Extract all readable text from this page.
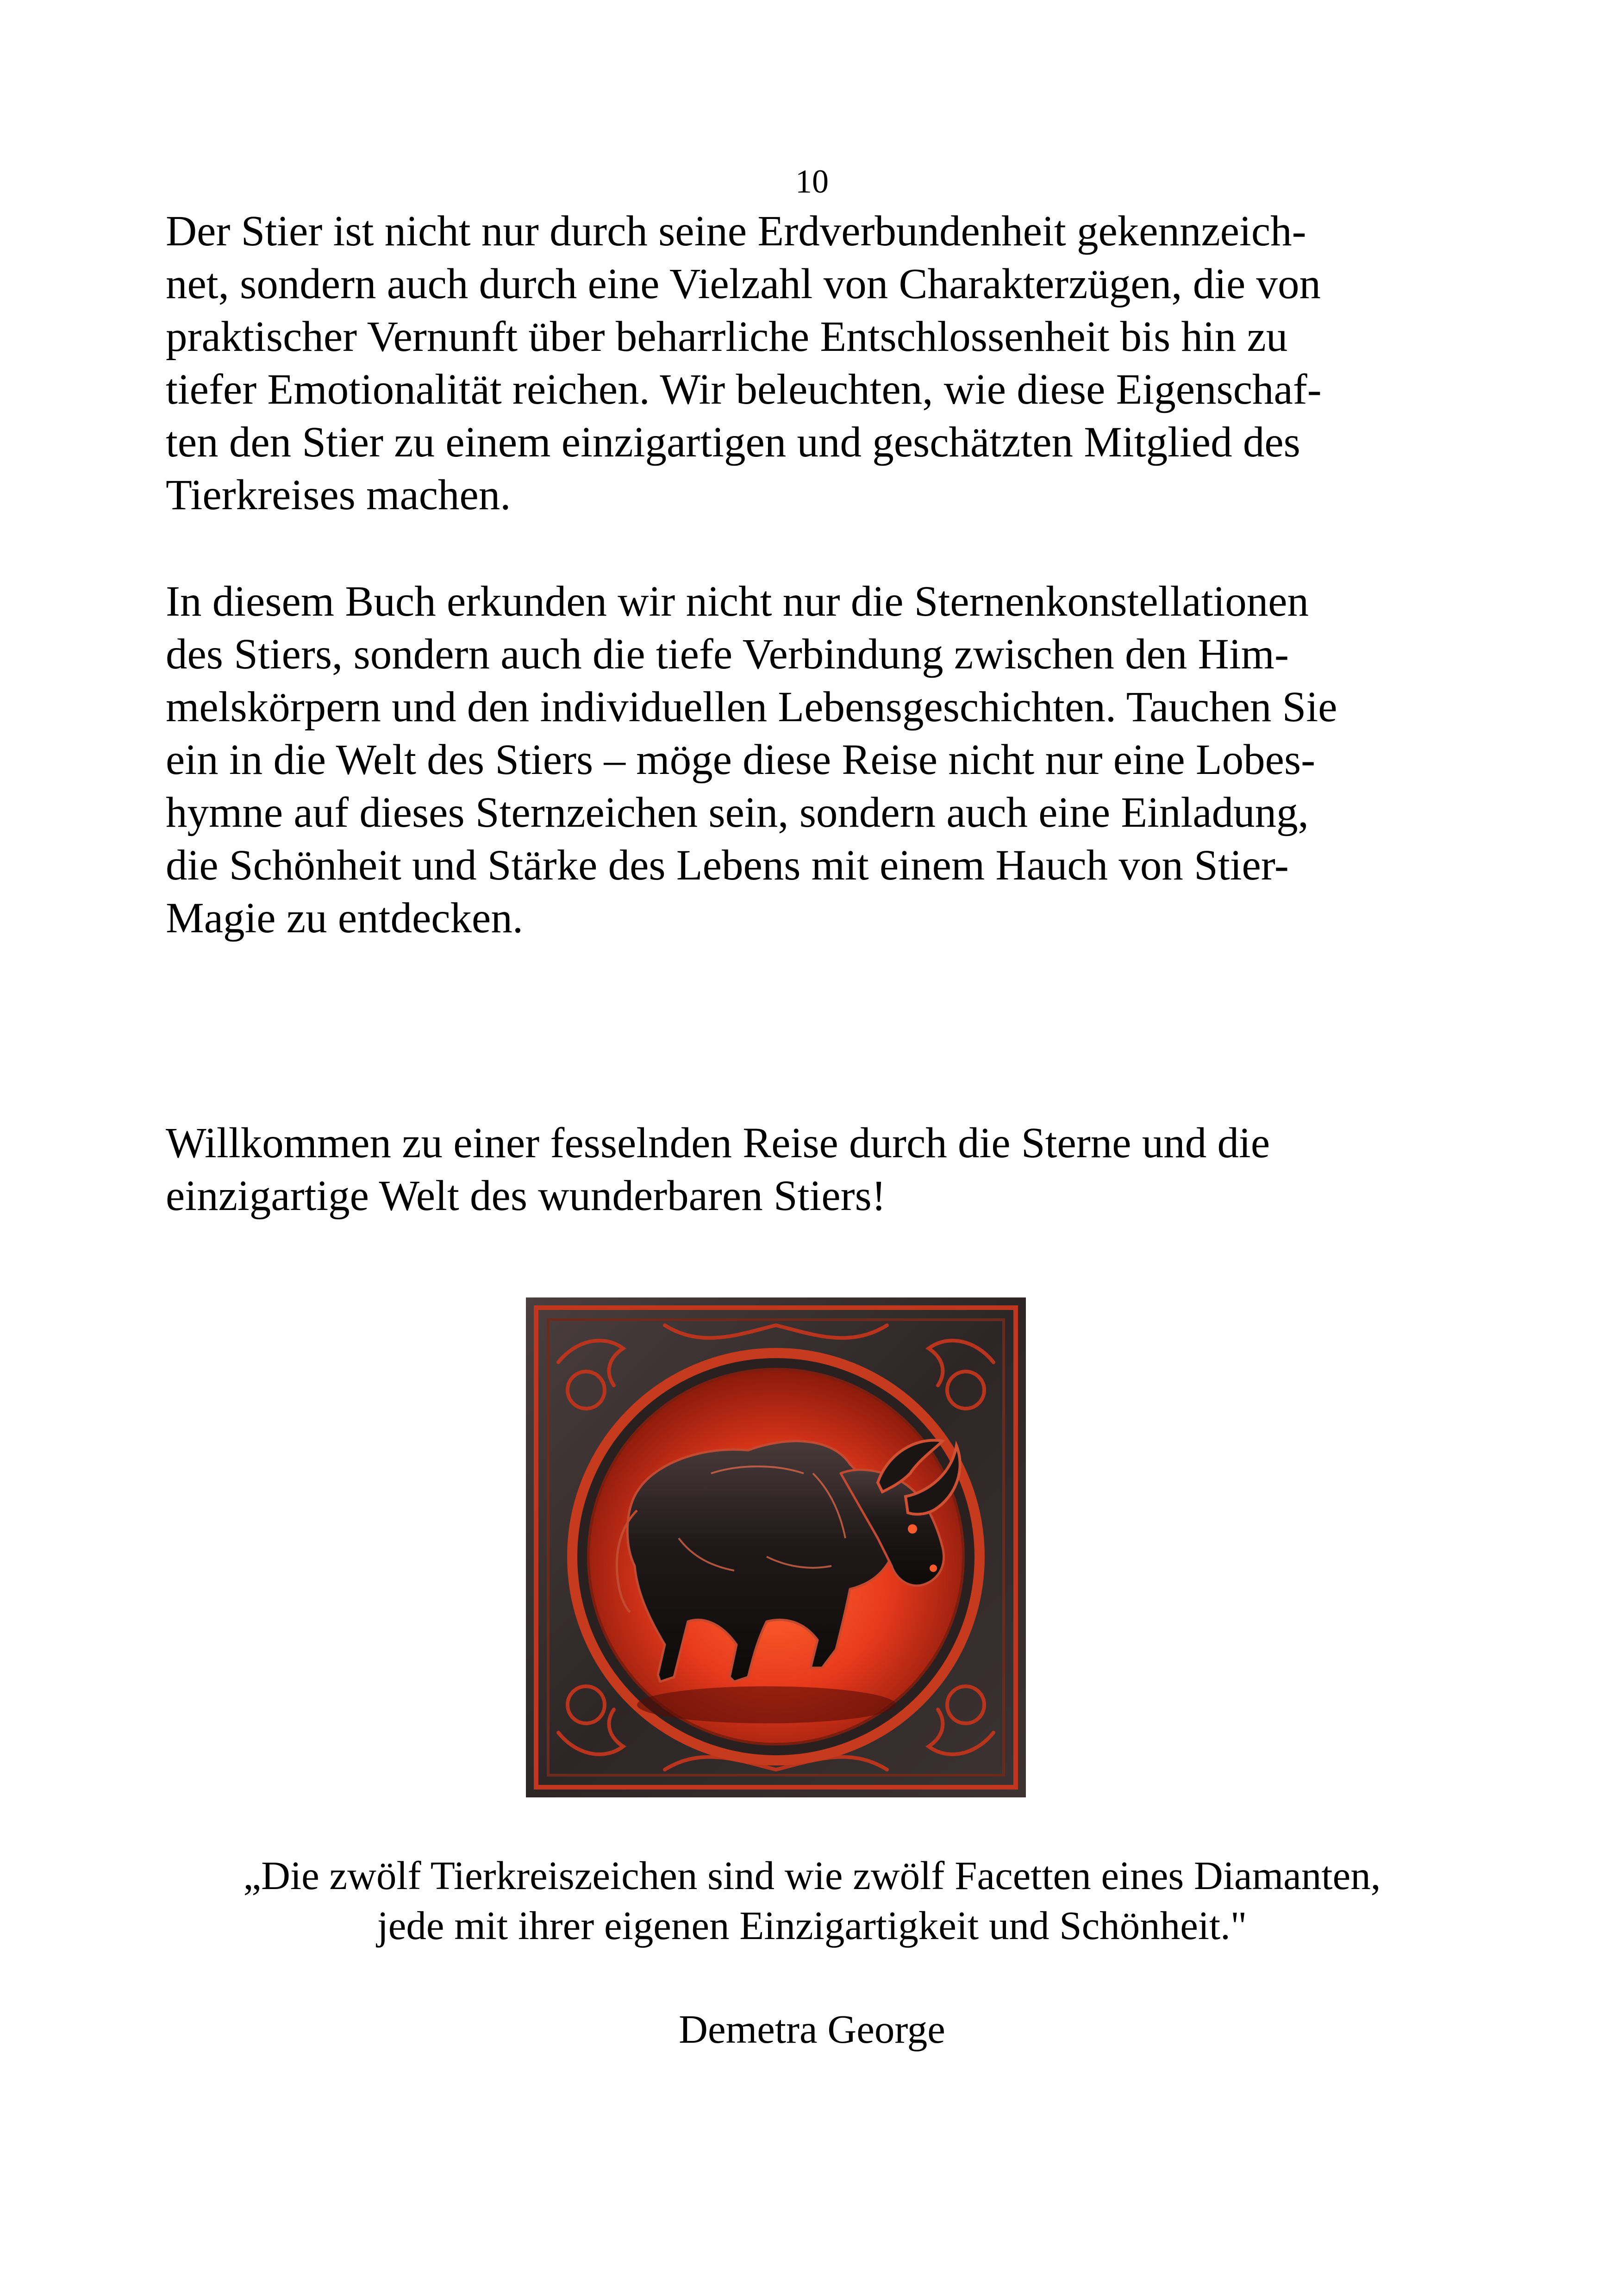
10

Der Stier ist nicht nur durch seine Erdverbundenheit gekennzeich-
net, sondern auch durch eine Vielzahl von Charakterzügen, die von
praktischer Vernunft über beharrliche Entschlossenheit bis hin zu
tiefer Emotionalität reichen. Wir beleuchten, wie diese Eigenschaf-
ten den Stier zu einem einzigartigen und geschätzten Mitglied des
Tierkreises machen.

In diesem Buch erkunden wir nicht nur die Sternenkonstellationen
des Stiers, sondern auch die tiefe Verbindung zwischen den Him-
melskörpern und den individuellen Lebensgeschichten. Tauchen Sie
ein in die Welt des Stiers – möge diese Reise nicht nur eine Lobes-
hymne auf dieses Sternzeichen sein, sondern auch eine Einladung,
die Schönheit und Stärke des Lebens mit einem Hauch von Stier-
Magie zu entdecken.

Willkommen zu einer fesselnden Reise durch die Sterne und die
einzigartige Welt des wunderbaren Stiers!

„Die zwölf Tierkreiszeichen sind wie zwölf Facetten eines Diamanten,
jede mit ihrer eigenen Einzigartigkeit und Schönheit."
Demetra George
